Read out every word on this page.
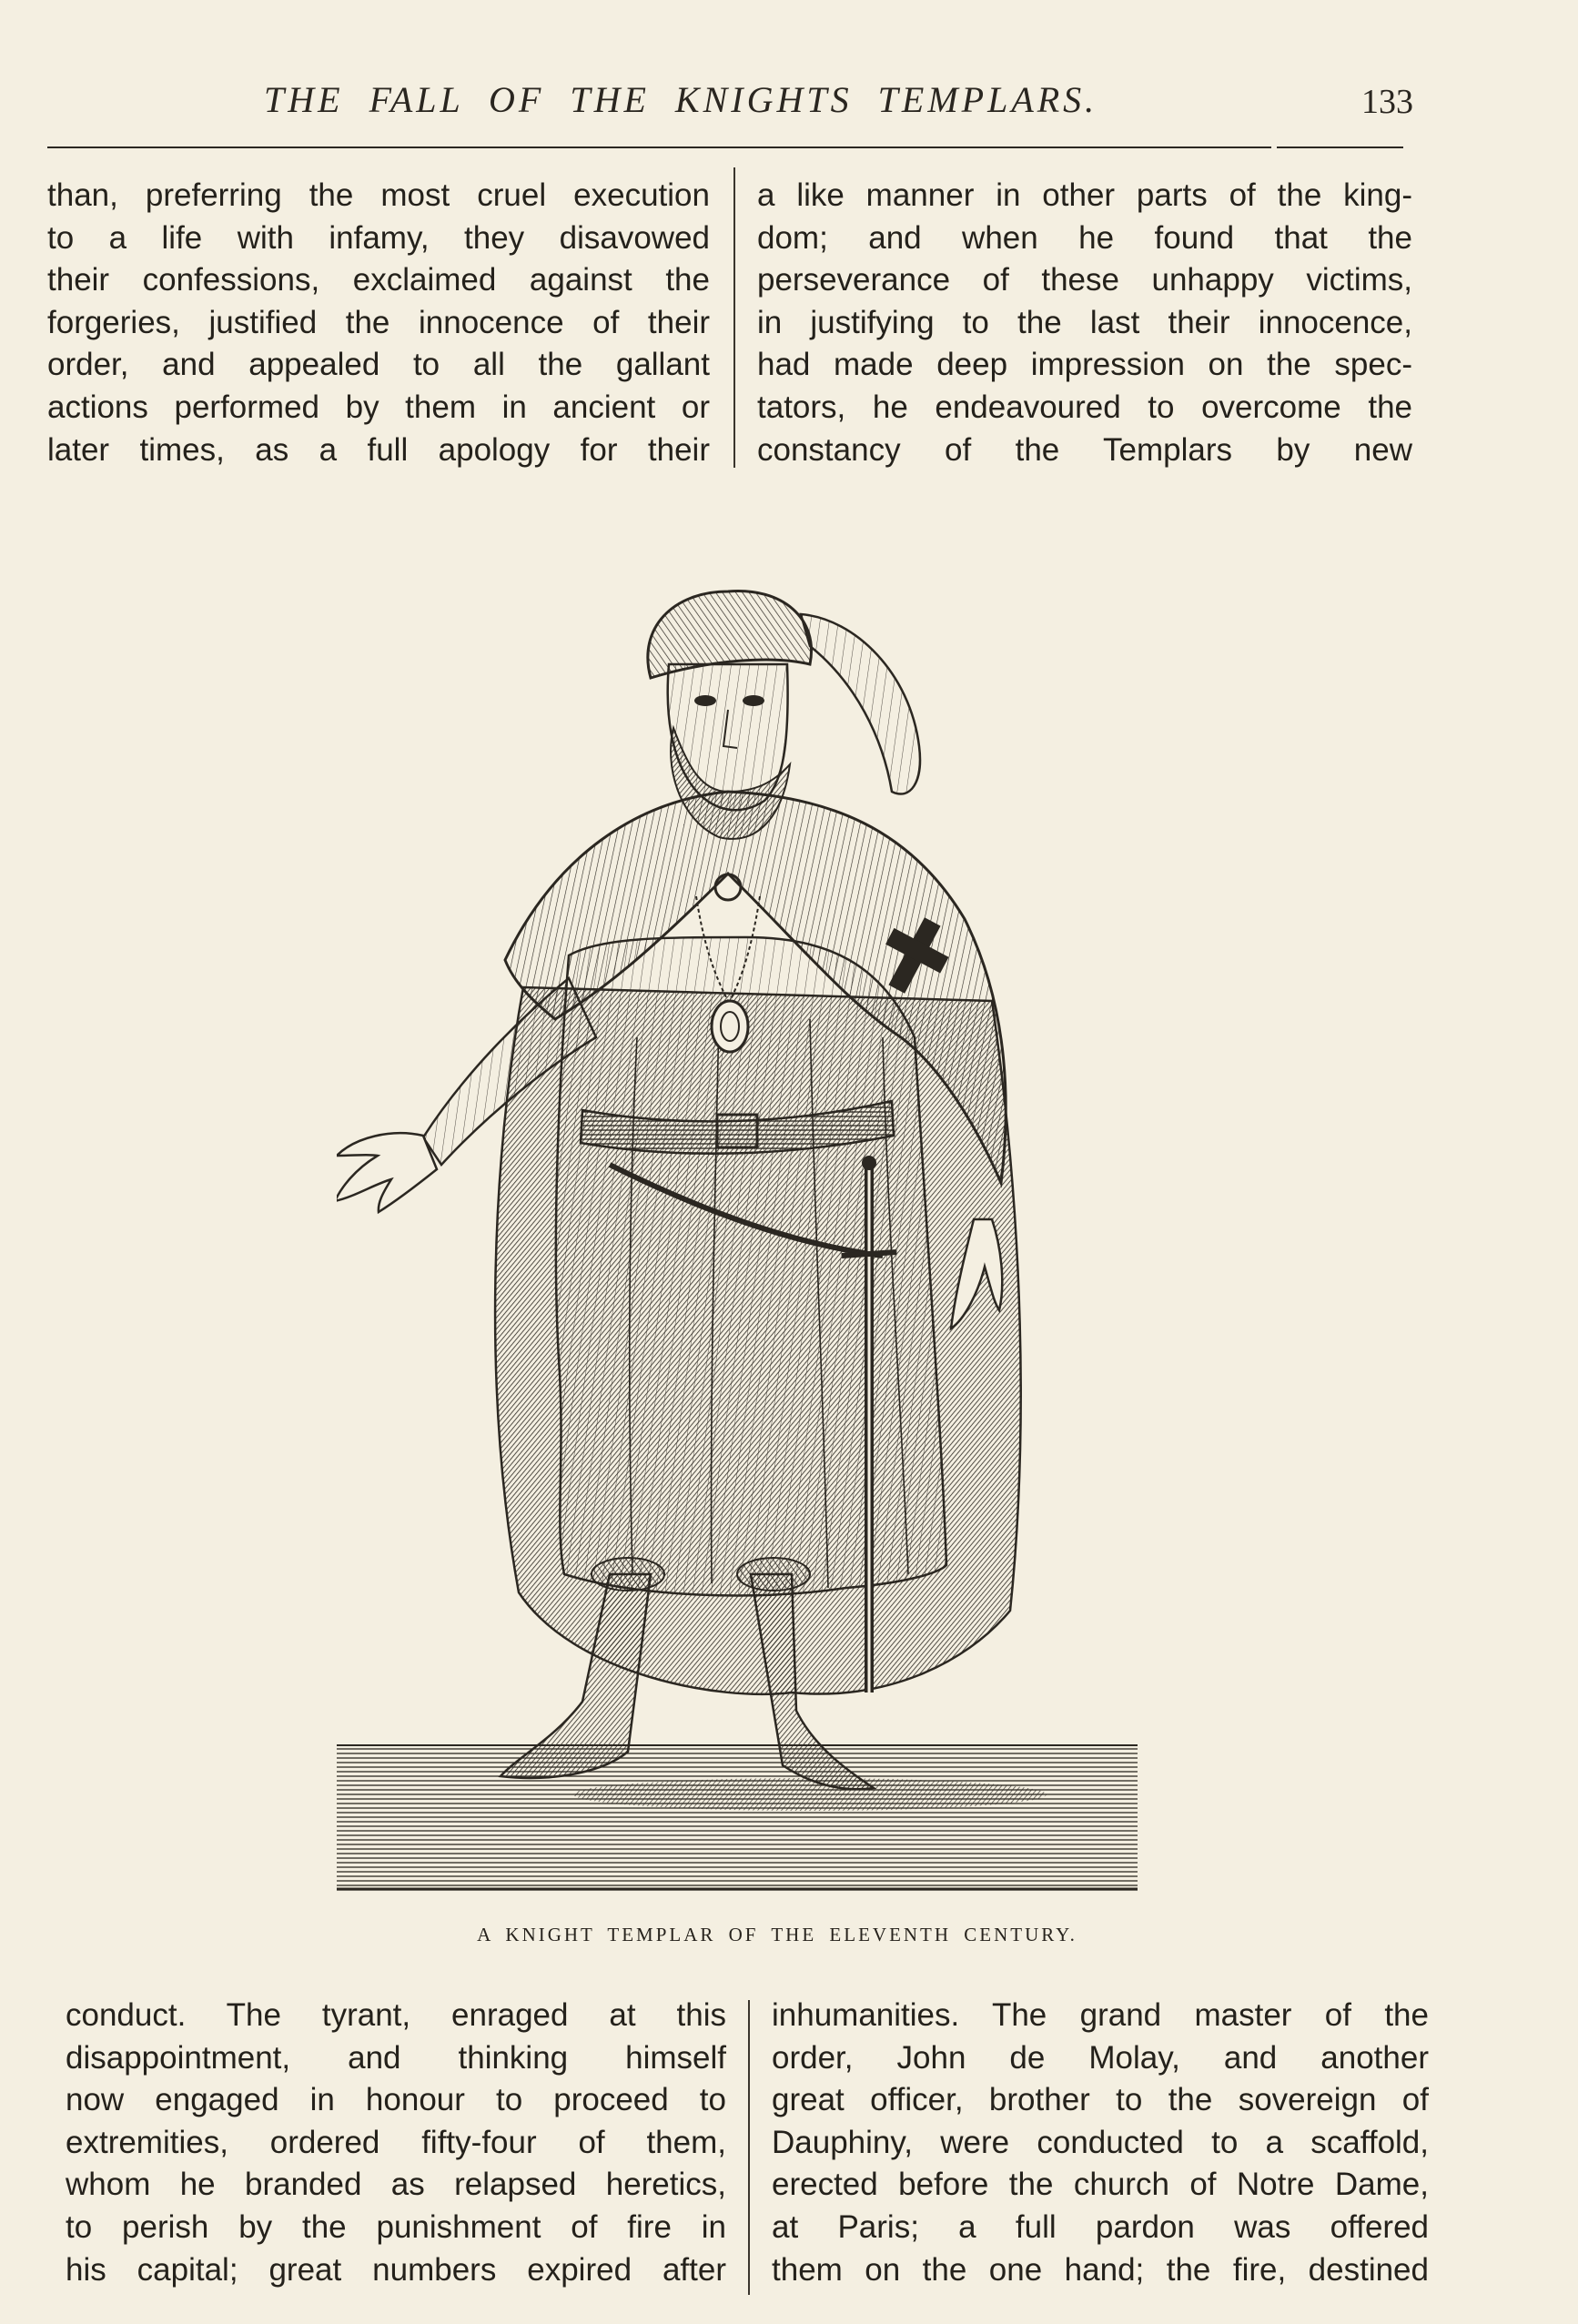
THE FALL OF THE KNIGHTS TEMPLARS.	133
than, preferring the most cruel execution
to a life with infamy, they disavowed
their confessions, exclaimed against the
forgeries, justified the innocence of their
order, and appealed to all the gallant
actions performed by them in ancient or
later times, as a full apology for their
a like manner in other parts of the king-
dom; and when he found that the
perseverance of these unhappy victims,
in justifying to the last their innocence,
had made deep impression on the spec-
tators, he endeavoured to overcome the
constancy of the Templars by new
A KNIGHT TEMPLAR OF THE ELEVENTH CENTURY.
conduct. The tyrant, enraged at this
disappointment, and thinking himself
now engaged in honour to proceed to
extremities, ordered fifty-four of them,
whom he branded as relapsed heretics,
to perish by the punishment of fire in
his capital; great numbers expired after
inhumanities. The grand master of the
order, John de Molay, and another
great officer, brother to the sovereign of
Dauphiny, were conducted to a scaffold,
erected before the church of Notre Dame,
at Paris; a full pardon was offered
them on the one hand; the fire, destined
